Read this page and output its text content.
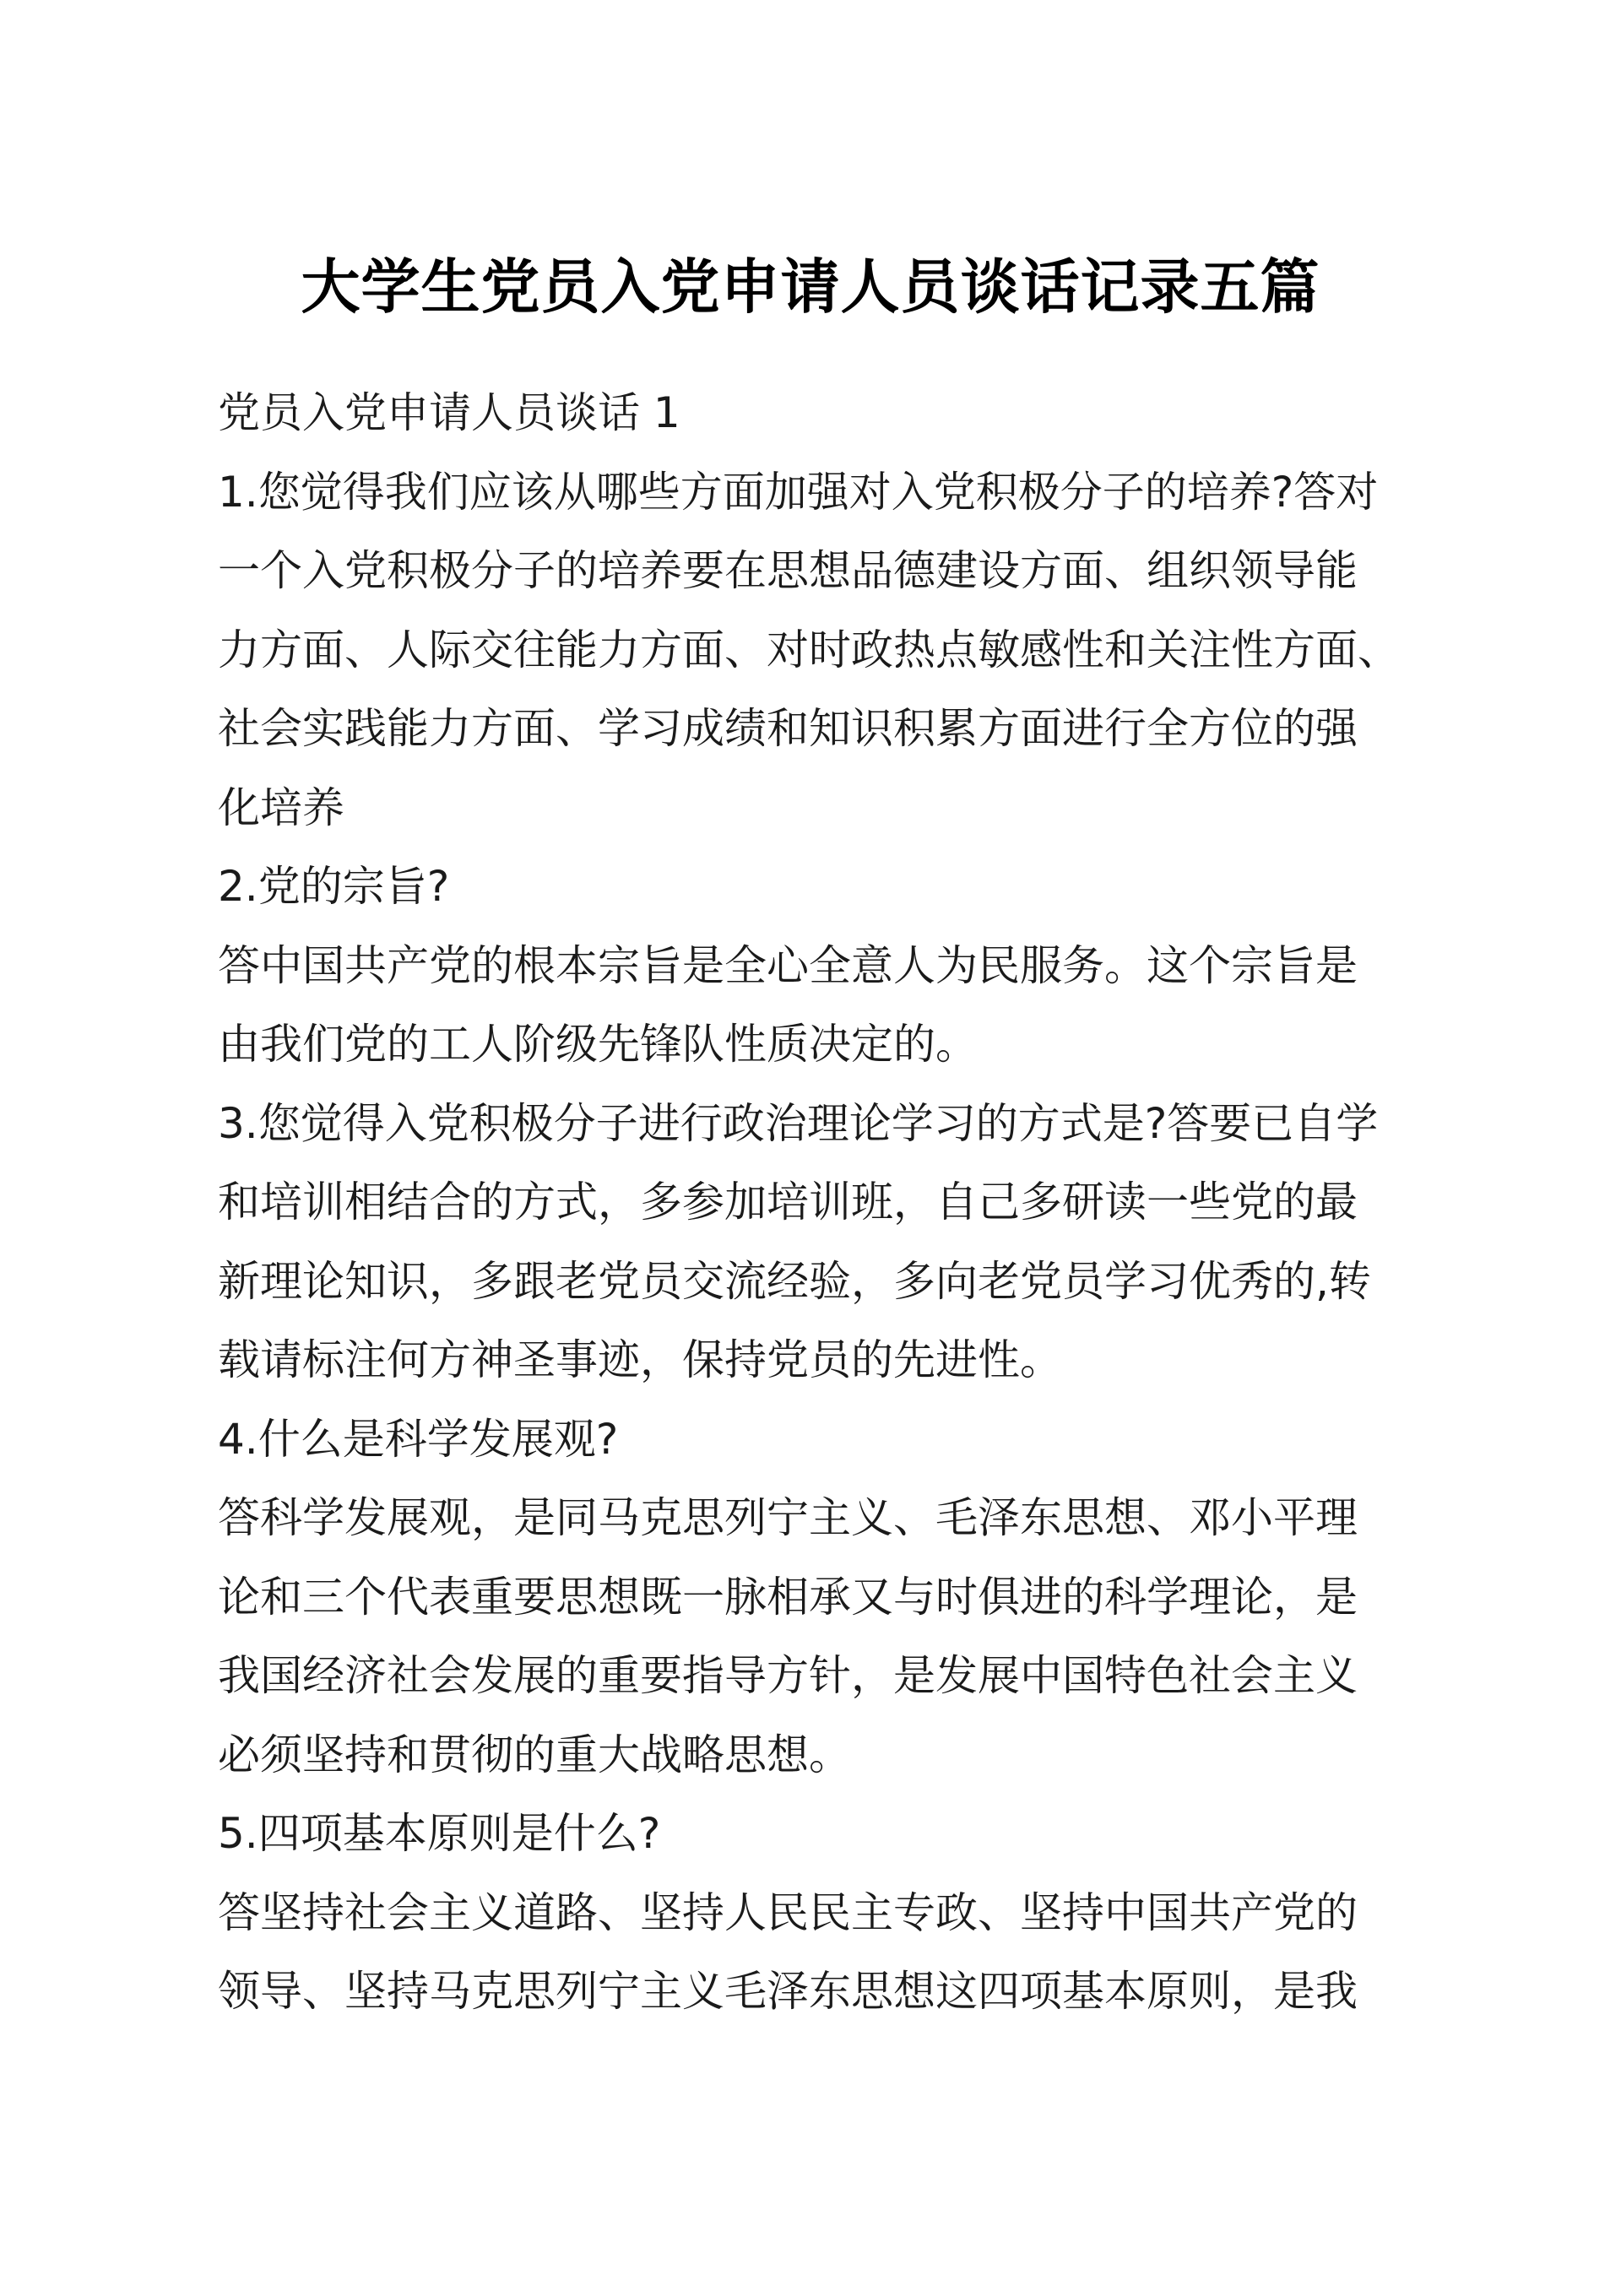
大学生党员入党申请人员谈话记录五篇
党员入党申请人员谈话 1
1.您觉得我们应该从哪些方面加强对入党积极分子的培养?答对
一个入党积极分子的培养要在思想品德建设方面、组织领导能
力方面、人际交往能力方面、对时政热点敏感性和关注性方面、
社会实践能力方面、学习成绩和知识积累方面进行全方位的强
化培养
2.党的宗旨?
答中国共产党的根本宗旨是全心全意人为民服务。这个宗旨是
由我们党的工人阶级先锋队性质决定的。
3.您觉得入党积极分子进行政治理论学习的方式是?答要已自学
和培训相结合的方式，多参加培训班，自己多研读一些党的最
新理论知识，多跟老党员交流经验，多向老党员学习优秀的,转
载请标注何方神圣事迹，保持党员的先进性。
4.什么是科学发展观?
答科学发展观，是同马克思列宁主义、毛泽东思想、邓小平理
论和三个代表重要思想既一脉相承又与时俱进的科学理论，是
我国经济社会发展的重要指导方针，是发展中国特色社会主义
必须坚持和贯彻的重大战略思想。
5.四项基本原则是什么?
答坚持社会主义道路、坚持人民民主专政、坚持中国共产党的
领导、坚持马克思列宁主义毛泽东思想这四项基本原则，是我
